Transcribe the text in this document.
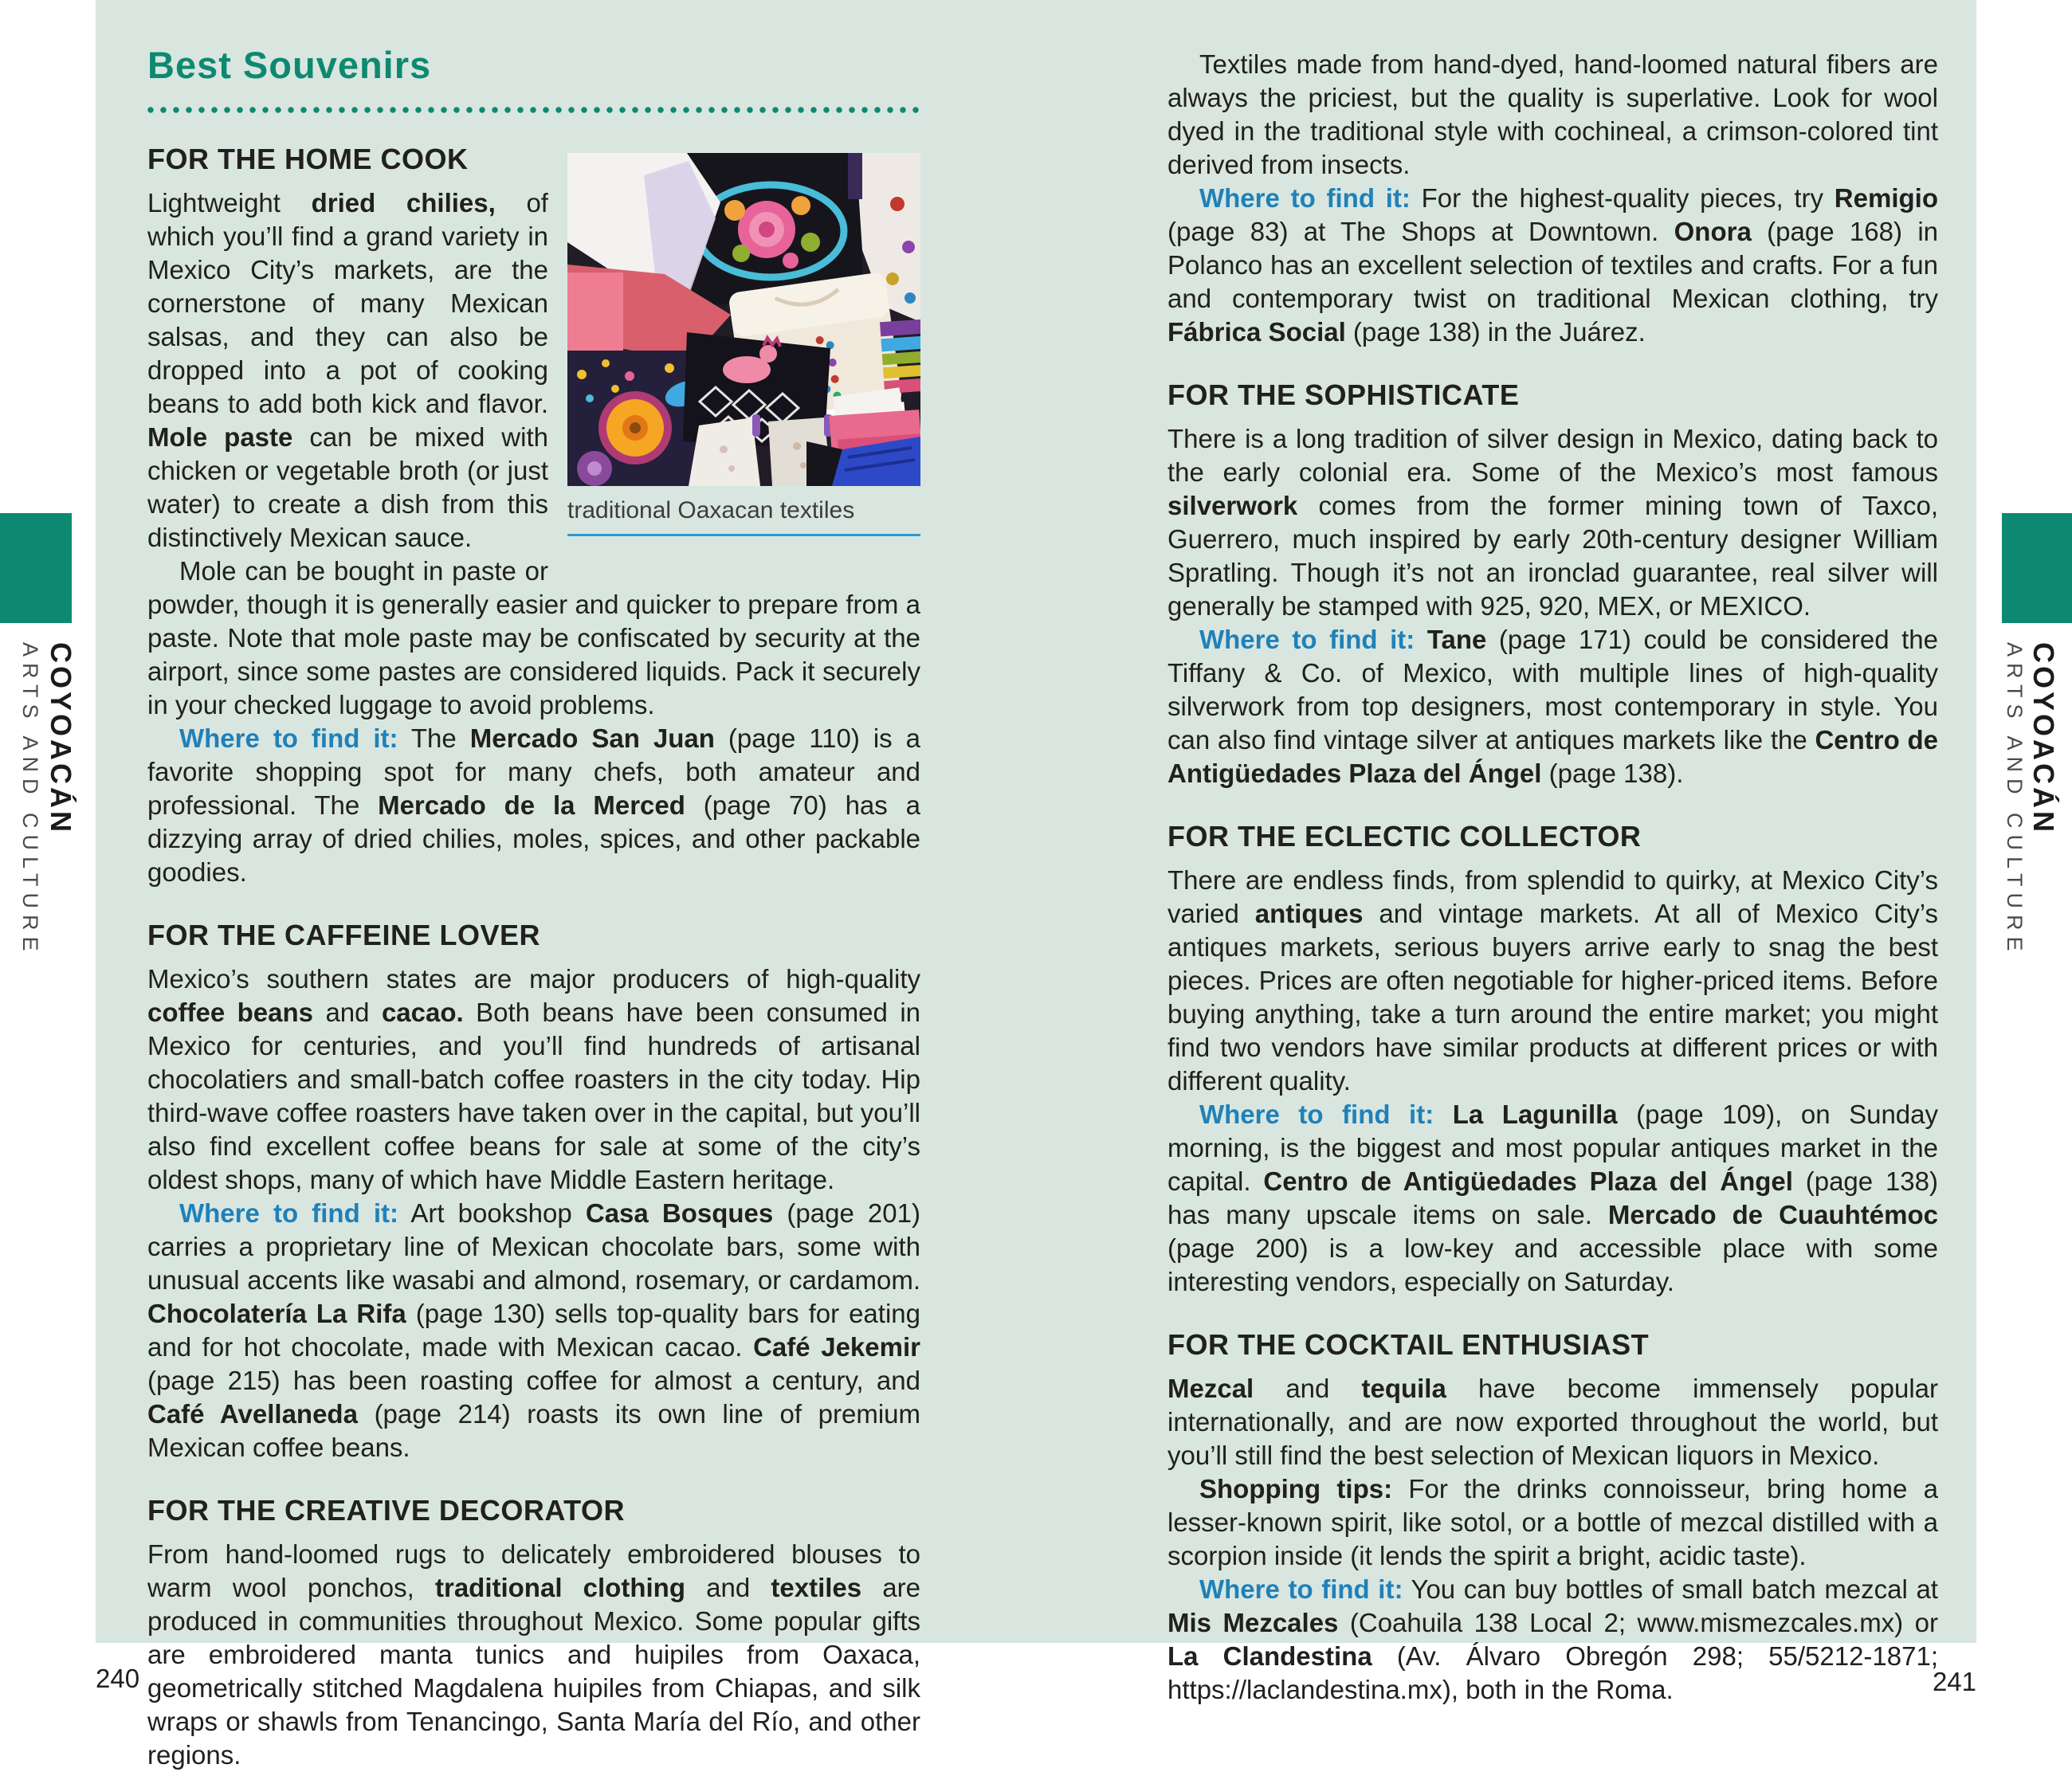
COYOACÁN
ARTS AND CULTURE	COYOACÁN
ARTS AND CULTURE
Best Souvenirs
traditional Oaxacan textiles
FOR THE HOME COOK

Lightweight dried chilies, of which you’ll find a grand variety in Mexico City’s markets, are the cornerstone of many Mexican salsas, and they can also be dropped into a pot of cooking beans to add both kick and flavor. Mole paste can be mixed with chicken or vegetable broth (or just water) to create a dish from this distinctively Mexican sauce.

Mole can be bought in paste or powder, though it is generally easier and quicker to prepare from a paste. Note that mole paste may be confiscated by security at the airport, since some pastes are considered liquids. Pack it securely in your checked luggage to avoid problems.

Where to find it: The Mercado San Juan (page 110) is a favorite shopping spot for many chefs, both amateur and professional. The Mercado de la Merced (page 70) has a dizzying array of dried chilies, moles, spices, and other packable goodies.

FOR THE CAFFEINE LOVER

Mexico’s southern states are major producers of high-quality coffee beans and cacao. Both beans have been consumed in Mexico for centuries, and you’ll find hundreds of artisanal chocolatiers and small-batch coffee roasters in the city today. Hip third-wave coffee roasters have taken over in the capital, but you’ll also find excellent coffee beans for sale at some of the city’s oldest shops, many of which have Middle Eastern heritage.

Where to find it: Art bookshop Casa Bosques (page 201) carries a proprietary line of Mexican chocolate bars, some with unusual accents like wasabi and almond, rosemary, or cardamom. Chocolatería La Rifa (page 130) sells top-quality bars for eating and for hot chocolate, made with Mexican cacao. Café Jekemir (page 215) has been roasting coffee for almost a century, and Café Avellaneda (page 214) roasts its own line of premium Mexican coffee beans.

FOR THE CREATIVE DECORATOR

From hand-loomed rugs to delicately embroidered blouses to warm wool ponchos, traditional clothing and textiles are produced in communities throughout Mexico. Some popular gifts are embroidered manta tunics and huipiles from Oaxaca, geometrically stitched Magdalena huipiles from Chiapas, and silk wraps or shawls from Tenancingo, Santa María del Río, and other regions.

Textiles made from hand-dyed, hand-loomed natural fibers are always the priciest, but the quality is superlative. Look for wool dyed in the traditional style with cochineal, a crimson-colored tint derived from insects.

Where to find it: For the highest-quality pieces, try Remigio (page 83) at The Shops at Downtown. Onora (page 168) in Polanco has an excellent selection of textiles and crafts. For a fun and contemporary twist on traditional Mexican clothing, try Fábrica Social (page 138) in the Juárez.

FOR THE SOPHISTICATE

There is a long tradition of silver design in Mexico, dating back to the early colonial era. Some of the Mexico’s most famous silverwork comes from the former mining town of Taxco, Guerrero, much inspired by early 20th-century designer William Spratling. Though it’s not an ironclad guarantee, real silver will generally be stamped with 925, 920, MEX, or MEXICO.

Where to find it: Tane (page 171) could be considered the Tiffany & Co. of Mexico, with multiple lines of high-quality silverwork from top designers, most contemporary in style. You can also find vintage silver at antiques markets like the Centro de Antigüedades Plaza del Ángel (page 138).

FOR THE ECLECTIC COLLECTOR

There are endless finds, from splendid to quirky, at Mexico City’s varied antiques and vintage markets. At all of Mexico City’s antiques markets, serious buyers arrive early to snag the best pieces. Prices are often negotiable for higher-priced items. Before buying anything, take a turn around the entire market; you might find two vendors have similar products at different prices or with different quality.

Where to find it: La Lagunilla (page 109), on Sunday morning, is the biggest and most popular antiques market in the capital. Centro de Antigüedades Plaza del Ángel (page 138) has many upscale items on sale. Mercado de Cuauhtémoc (page 200) is a low-key and accessible place with some interesting vendors, especially on Saturday.

FOR THE COCKTAIL ENTHUSIAST

Mezcal and tequila have become immensely popular internationally, and are now exported throughout the world, but you’ll still find the best selection of Mexican liquors in Mexico.

Shopping tips: For the drinks connoisseur, bring home a lesser-known spirit, like sotol, or a bottle of mezcal distilled with a scorpion inside (it lends the spirit a bright, acidic taste).

Where to find it: You can buy bottles of small batch mezcal at Mis Mezcales (Coahuila 138 Local 2; www.mismezcales.mx) or La Clandestina (Av. Álvaro Obregón 298; 55/5212-1871; https://laclandestina.mx), both in the Roma.

240	241
